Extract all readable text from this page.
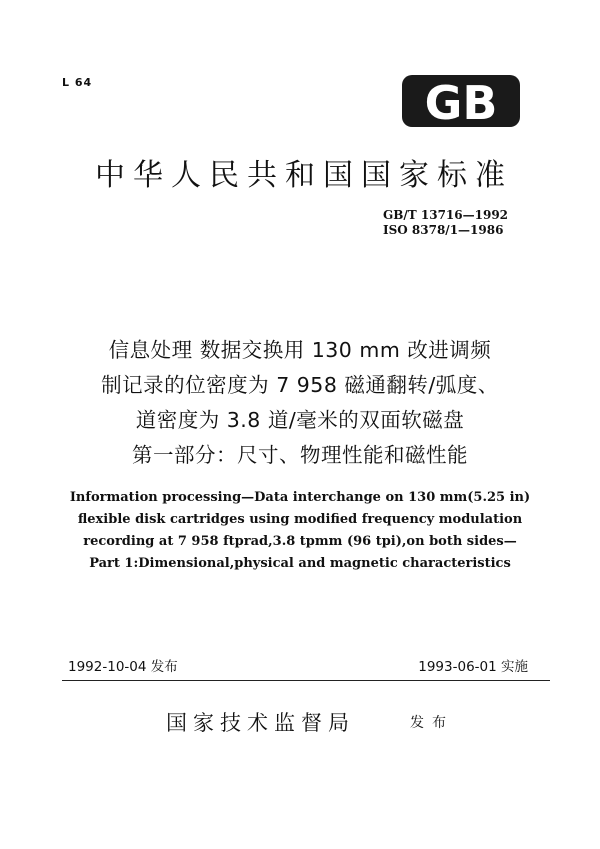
L 64	GB
中华人民共和国国家标准
GB/T 13716—1992
ISO 8378/1—1986
信息处理 数据交换用 130 mm 改进调频
制记录的位密度为 7 958 磁通翻转/弧度、
道密度为 3.8 道/毫米的双面软磁盘
第一部分：尺寸、物理性能和磁性能
Information processing—Data interchange on 130 mm(5.25 in)
flexible disk cartridges using modified frequency modulation
recording at 7 958 ftprad,3.8 tpmm (96 tpi),on both sides—
Part 1:Dimensional,physical and magnetic characteristics
1992-10-04 发布	1993-06-01 实施
国家技术监督局	发布
